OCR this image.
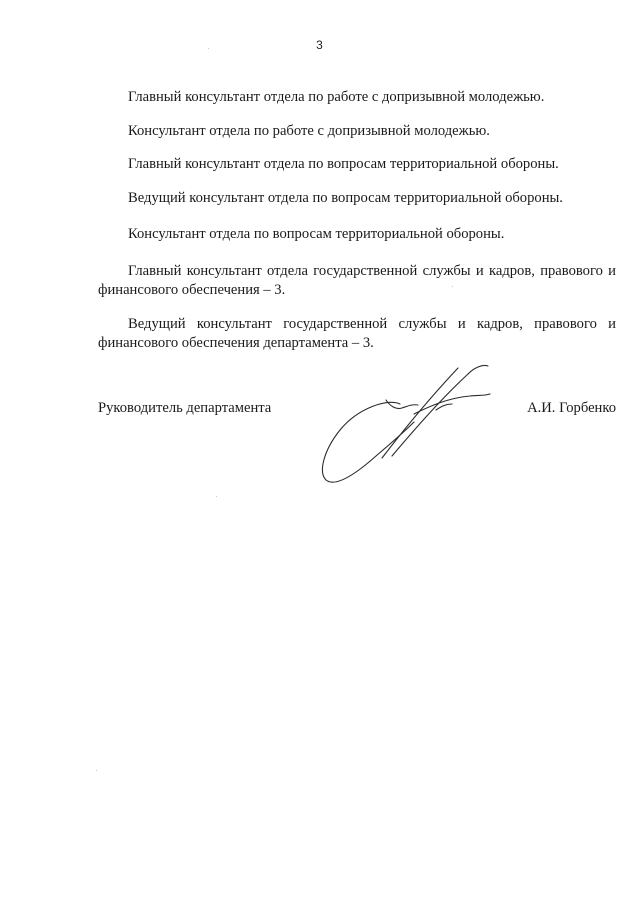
3

Главный консультант отдела по работе с допризывной молодежью.

Консультант отдела по работе с допризывной молодежью.

Главный консультант отдела по вопросам территориальной обороны.

Ведущий консультант отдела по вопросам территориальной обороны.

Консультант отдела по вопросам территориальной обороны.

Главный консультант отдела государственной службы и кадров, правового и финансового обеспечения – 3.

Ведущий консультант государственной службы и кадров, правового и финансового обеспечения департамента – 3.

Руководитель департамента	А.И. Горбенко
